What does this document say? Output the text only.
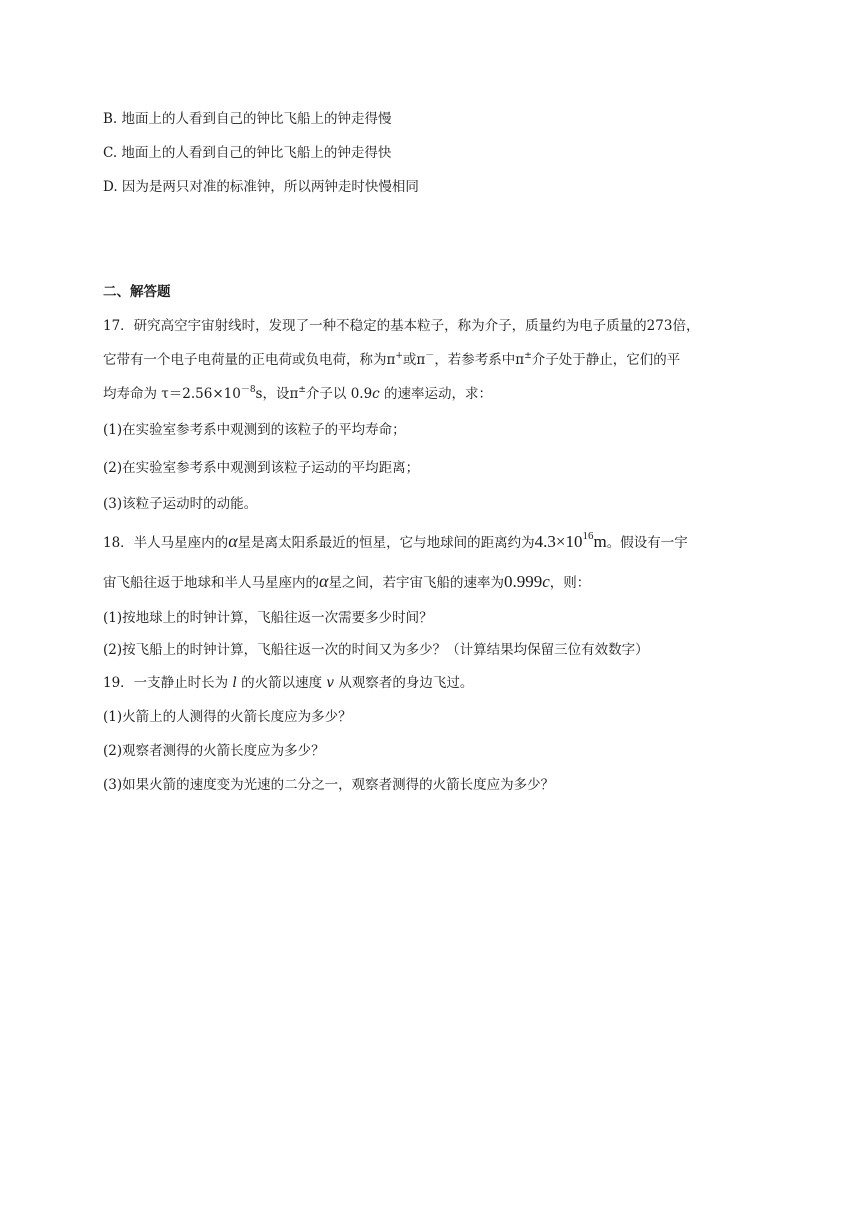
B. 地面上的人看到自己的钟比飞船上的钟走得慢
C. 地面上的人看到自己的钟比飞船上的钟走得快
D. 因为是两只对准的标准钟，所以两钟走时快慢相同
二、解答题
17．研究高空宇宙射线时，发现了一种不稳定的基本粒子，称为介子，质量约为电子质量的273倍，
它带有一个电子电荷量的正电荷或负电荷，称为π+或π－，若参考系中π±介子处于静止，它们的平
均寿命为 $\tau=2.56\times 10^{-8}s$，设π±介子以 0.9c 的速率运动，求：
(1)在实验室参考系中观测到的该粒子的平均寿命；
(2)在实验室参考系中观测到该粒子运动的平均距离；
(3)该粒子运动时的动能。
18．半人马星座内的α星是离太阳系最近的恒星，它与地球间的距离约为$4.3\times 10^{16}m$。假设有一宇
宙飞船往返于地球和半人马星座内的α星之间，若宇宙飞船的速率为0.999c，则：
(1)按地球上的时钟计算，飞船往返一次需要多少时间？
(2)按飞船上的时钟计算，飞船往返一次的时间又为多少？（计算结果均保留三位有效数字）
19．一支静止时长为 l 的火箭以速度 v 从观察者的身边飞过。
(1)火箭上的人测得的火箭长度应为多少？
(2)观察者测得的火箭长度应为多少？
(3)如果火箭的速度变为光速的二分之一，观察者测得的火箭长度应为多少？
